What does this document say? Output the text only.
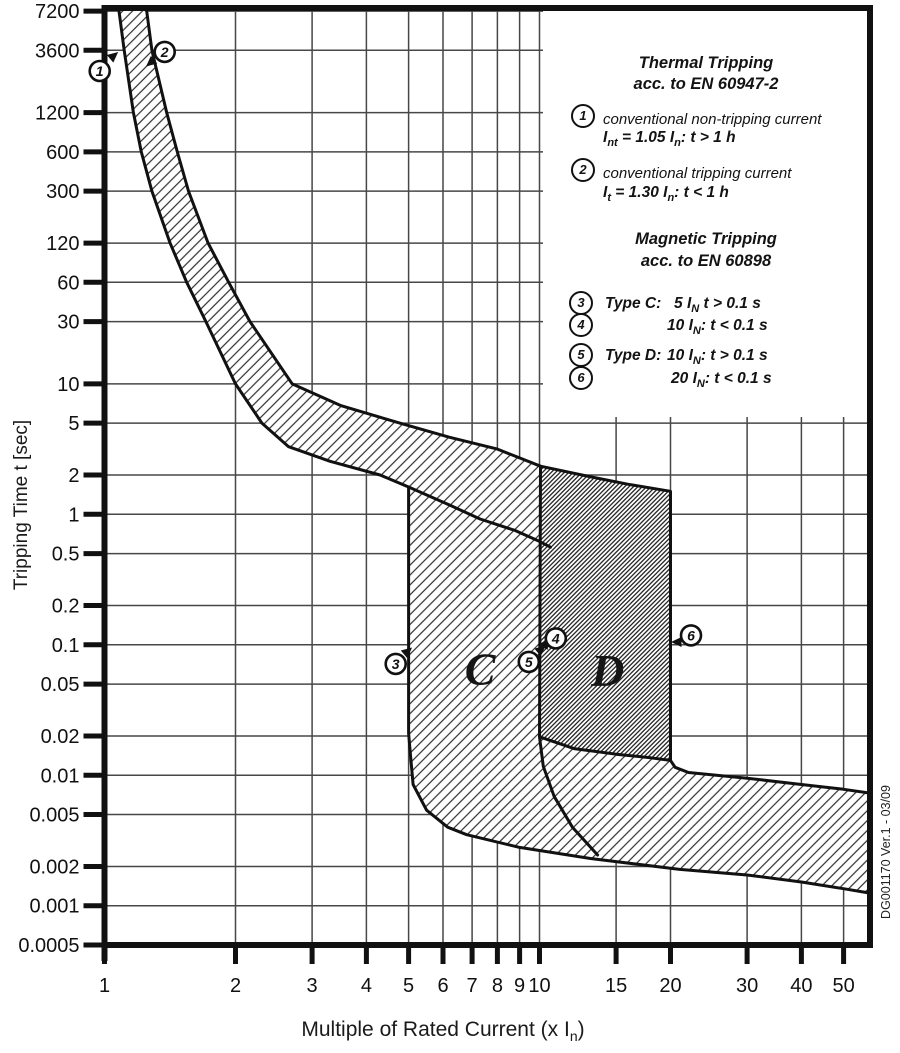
7200
3600
1200
600
300
120
60
30
10
5
2
1
0.5
0.2
0.1
0.05
0.02
0.01
0.005
0.002
0.001
0.0005
1	2	3 4 5 6 7 8 9 10	15 20	30 40 50
1
2
3
4
5
6
C D
Tripping Time t [sec]
Multiple of Rated Current (x $I_n$)
DG001170 Ver.1 - 03/09
Thermal Tripping
acc. to EN 60947-2
1	conventional non-tripping current
$I_{nt} = 1.05$ $I_n$: t > 1 h
2	conventional tripping current
$I_t = 1.30$ $I_n$: t < 1 h
Magnetic Tripping
acc. to EN 60898
3	Type C: 5 $I_N$ t > 0.1 s
4	10 $I_N$: t < 0.1 s
5	Type D: 10 $I_N$: t > 0.1 s
6	20 $I_N$: t < 0.1 s
